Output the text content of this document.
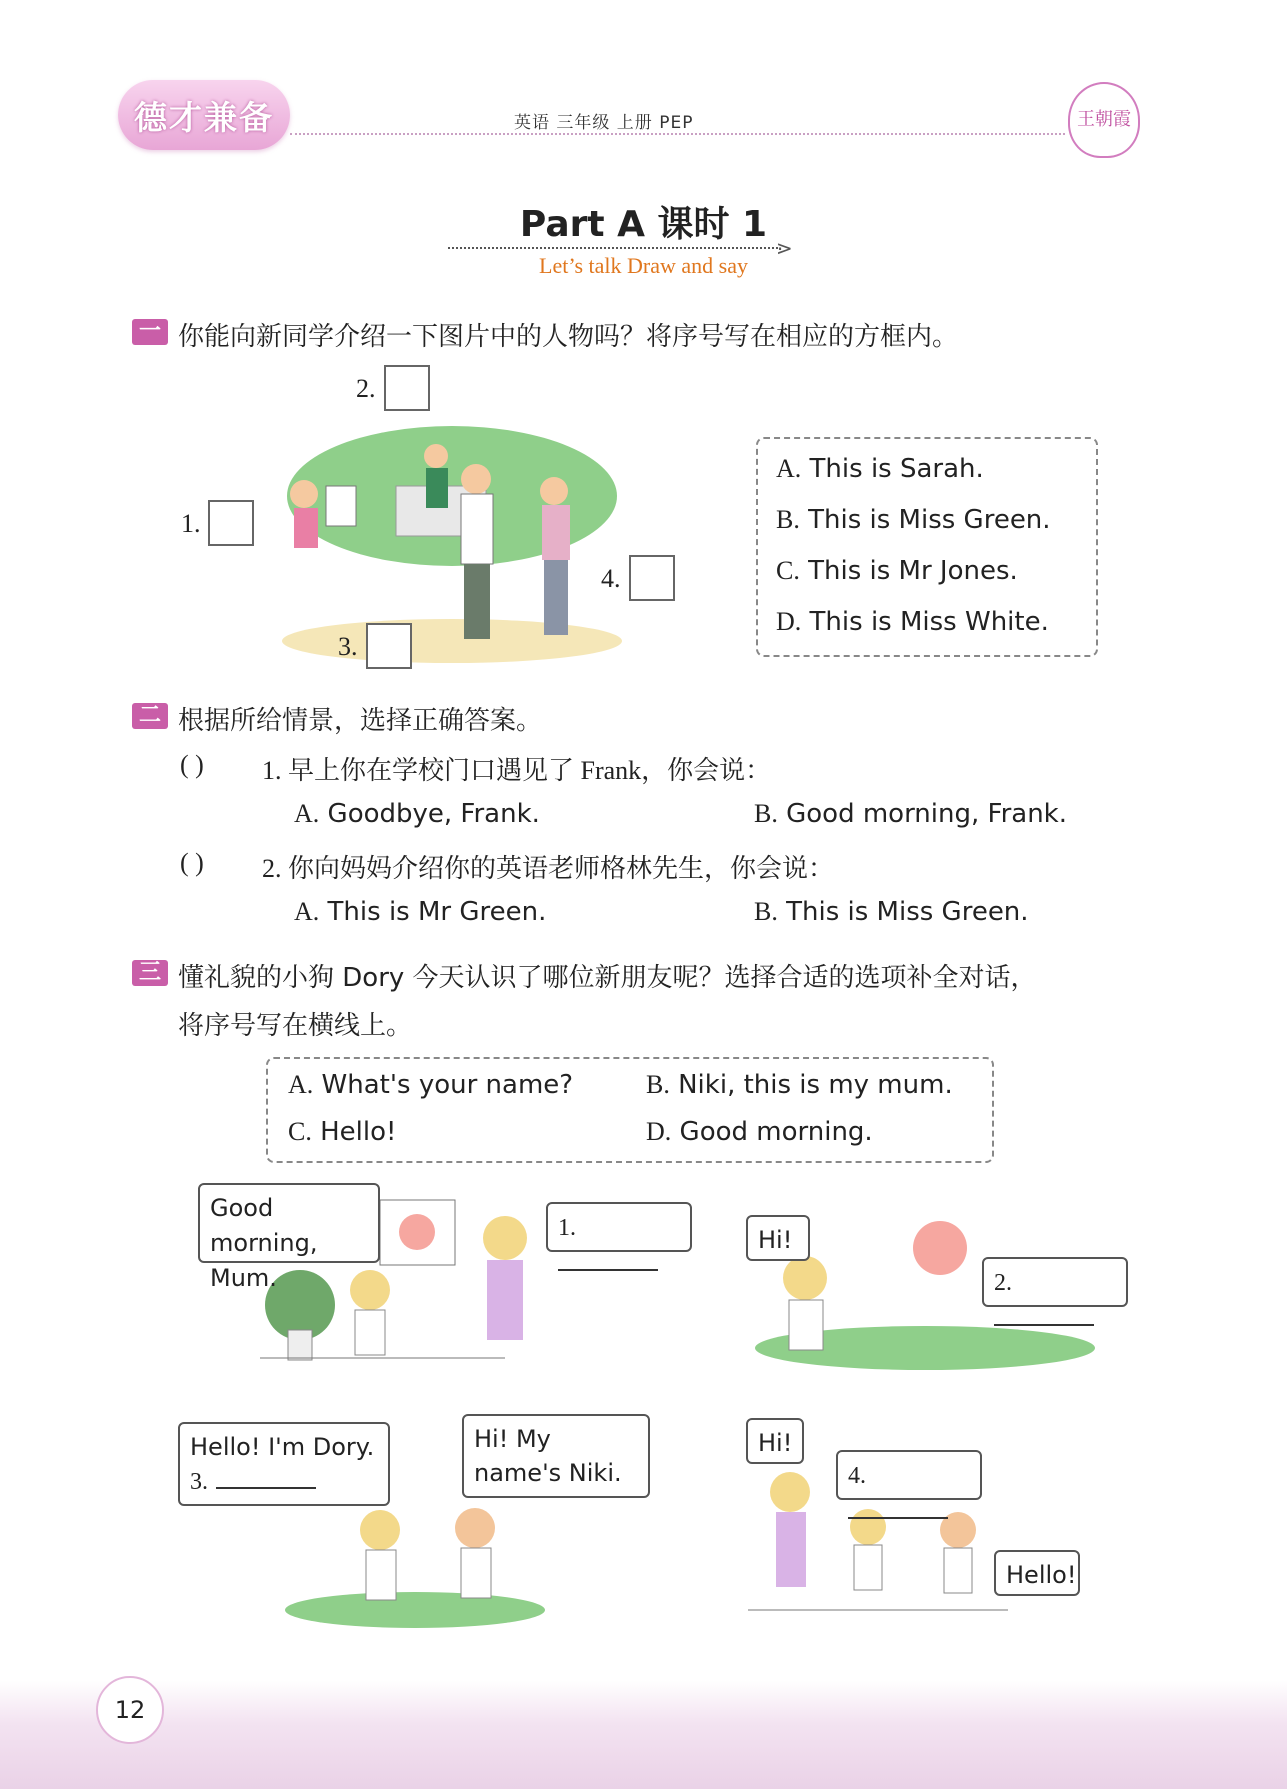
德才兼备	英语 三年级 上册 PEP	王朝霞
Part A 课时 1
⋗
Let’s talk Draw and say
一 你能向新同学介绍一下图片中的人物吗？将序号写在相应的方框内。
1.
2.
3.
4.
A. This is Sarah.
B. This is Miss Green.
C. This is Mr Jones.
D. This is Miss White.
二 根据所给情景，选择正确答案。
( ) 1. 早上你在学校门口遇见了 Frank，你会说：
A. Goodbye, Frank.	B. Good morning, Frank.
( ) 2. 你向妈妈介绍你的英语老师格林先生，你会说：
A. This is Mr Green.	B. This is Miss Green.
三 懂礼貌的小狗 Dory 今天认识了哪位新朋友呢？选择合适的选项补全对话，
将序号写在横线上。
A. What's your name?	B. Niki, this is my mum.
C. Hello!	D. Good morning.
Good morning, Mum.
1.	Hi!
2.
Hello! I'm Dory.
3.
Hi! My name's Niki.
Hi!
4.
Hello!
12
